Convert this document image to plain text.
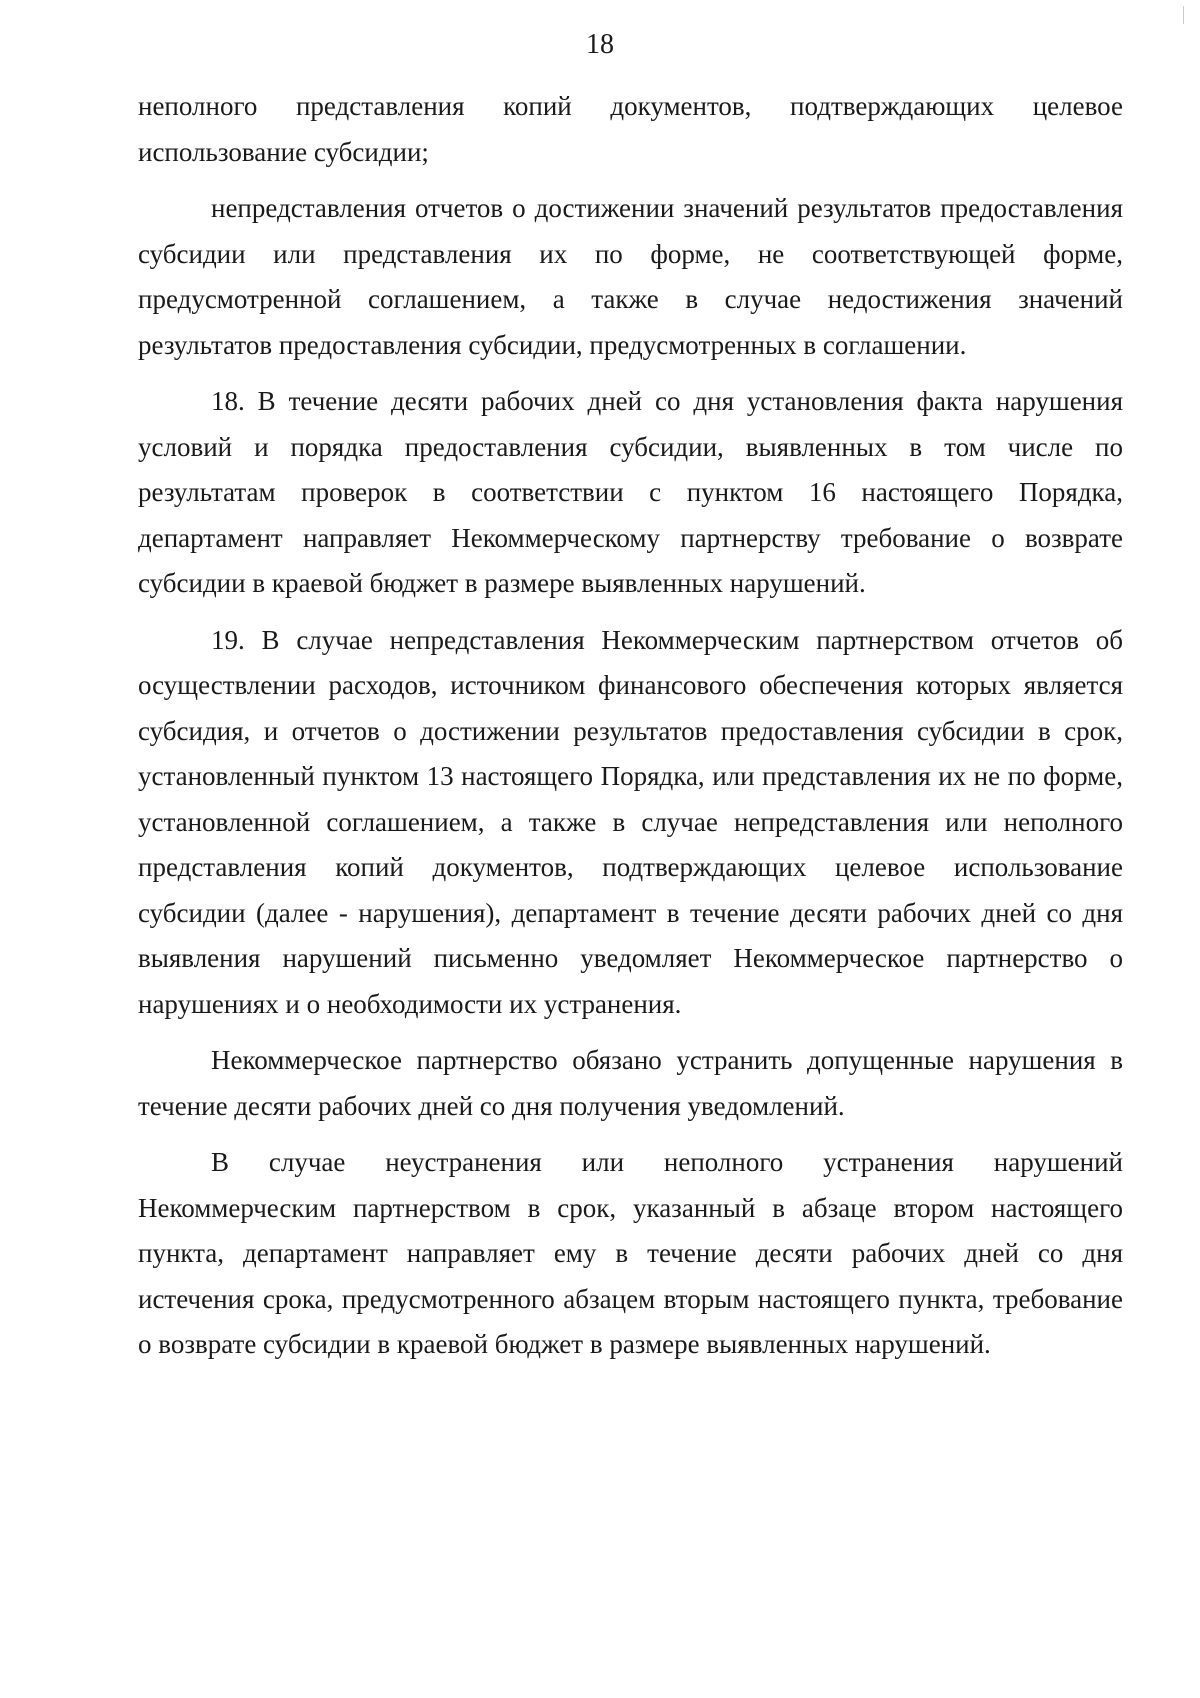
18

неполного представления копий документов, подтверждающих целевое использование субсидии;

непредставления отчетов о достижении значений результатов предоставления субсидии или представления их по форме, не соответствующей форме, предусмотренной соглашением, а также в случае недостижения значений результатов предоставления субсидии, предусмотренных в соглашении.

18. В течение десяти рабочих дней со дня установления факта нарушения условий и порядка предоставления субсидии, выявленных в том числе по результатам проверок в соответствии с пунктом 16 настоящего Порядка, департамент направляет Некоммерческому партнерству требование о возврате субсидии в краевой бюджет в размере выявленных нарушений.

19. В случае непредставления Некоммерческим партнерством отчетов об осуществлении расходов, источником финансового обеспечения которых является субсидия, и отчетов о достижении результатов предоставления субсидии в срок, установленный пунктом 13 настоящего Порядка, или представления их не по форме, установленной соглашением, а также в случае непредставления или неполного представления копий документов, подтверждающих целевое использование субсидии (далее - нарушения), департамент в течение десяти рабочих дней со дня выявления нарушений письменно уведомляет Некоммерческое партнерство о нарушениях и о необходимости их устранения.

Некоммерческое партнерство обязано устранить допущенные нарушения в течение десяти рабочих дней со дня получения уведомлений.

В случае неустранения или неполного устранения нарушений Некоммерческим партнерством в срок, указанный в абзаце втором настоящего пункта, департамент направляет ему в течение десяти рабочих дней со дня истечения срока, предусмотренного абзацем вторым настоящего пункта, требование о возврате субсидии в краевой бюджет в размере выявленных нарушений.
